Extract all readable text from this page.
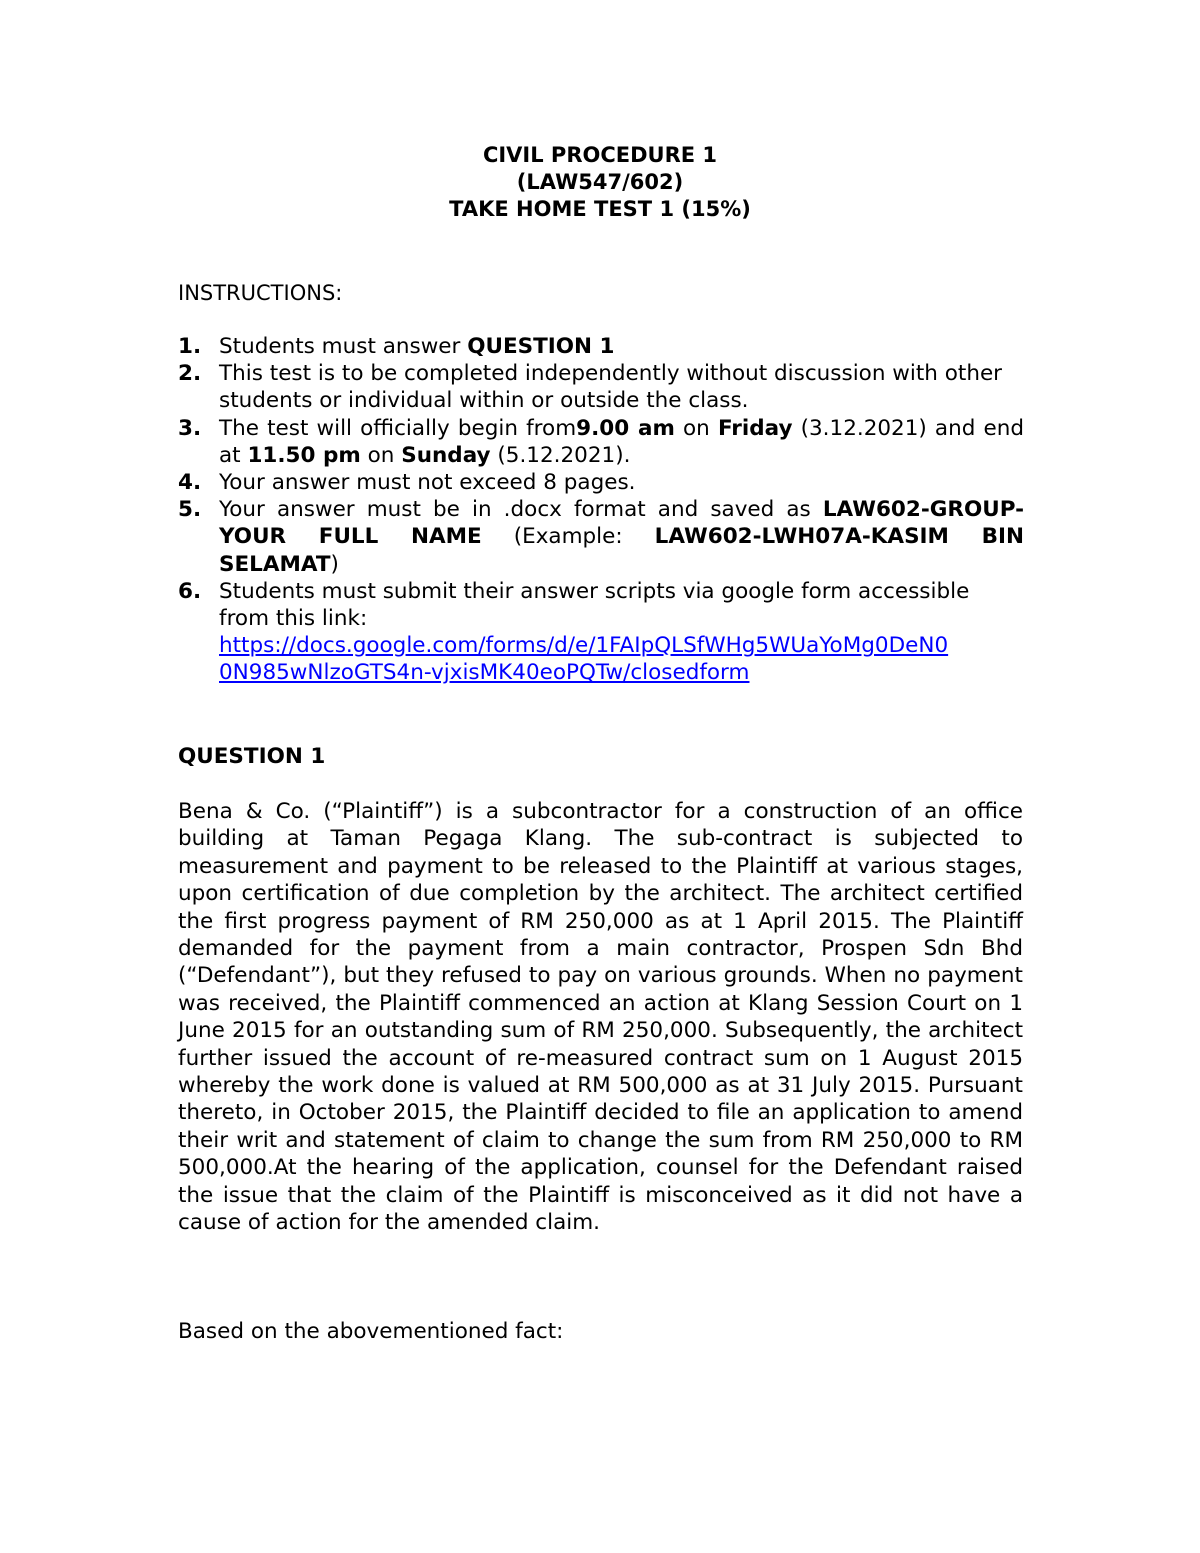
CIVIL PROCEDURE 1
(LAW547/602)
TAKE HOME TEST 1 (15%)
INSTRUCTIONS:
1. Students must answer QUESTION 1
2. This test is to be completed independently without discussion with other students or individual within or outside the class.
3. The test will officially begin from9.00 am on Friday (3.12.2021) and end at 11.50 pm on Sunday (5.12.2021).
4. Your answer must not exceed 8 pages.
5. Your answer must be in .docx format and saved as LAW602-GROUP-YOUR FULL NAME (Example: LAW602-LWH07A-KASIM BIN SELAMAT)
6. Students must submit their answer scripts via google form accessible from this link:
https://docs.google.com/forms/d/e/1FAIpQLSfWHg5WUaYoMg0DeN0
0N985wNlzoGTS4n-vjxisMK40eoPQTw/closedform
QUESTION 1
Bena & Co. (“Plaintiff”) is a subcontractor for a construction of an office building at Taman Pegaga Klang. The sub-contract is subjected to measurement and payment to be released to the Plaintiff at various stages, upon certification of due completion by the architect. The architect certified the first progress payment of RM 250,000 as at 1 April 2015. The Plaintiff demanded for the payment from a main contractor, Prospen Sdn Bhd (“Defendant”), but they refused to pay on various grounds. When no payment was received, the Plaintiff commenced an action at Klang Session Court on 1 June 2015 for an outstanding sum of RM 250,000. Subsequently, the architect further issued the account of re-measured contract sum on 1 August 2015 whereby the work done is valued at RM 500,000 as at 31 July 2015. Pursuant thereto, in October 2015, the Plaintiff decided to file an application to amend their writ and statement of claim to change the sum from RM 250,000 to RM 500,000.At the hearing of the application, counsel for the Defendant raised the issue that the claim of the Plaintiff is misconceived as it did not have a cause of action for the amended claim.
Based on the abovementioned fact:
